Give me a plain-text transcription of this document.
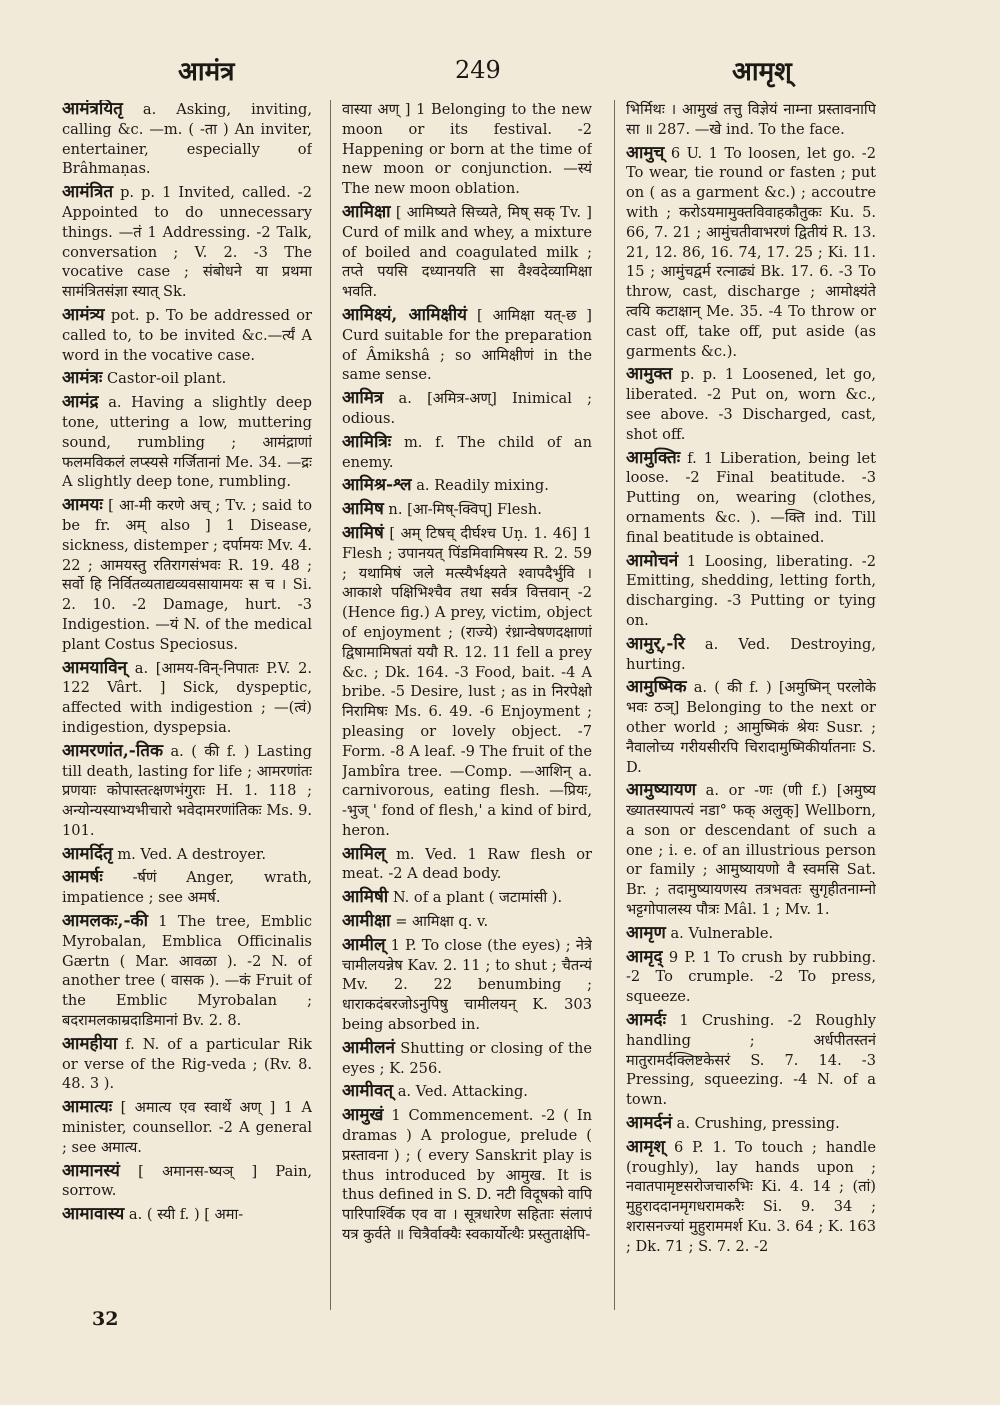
आमंत्र	249	आमृश्
आमंत्रयितृ a. Asking, inviting, calling &c. —m. ( -ता ) An inviter, entertainer, especially of Brâhmaṇas.
आमंत्रित p. p. 1 Invited, called. -2 Appointed to do unnecessary things. —तं 1 Addressing. -2 Talk, conversation ; V. 2. -3 The vocative case ; संबोधने या प्रथमा सामंत्रितसंज्ञा स्यात् Sk.
आमंत्र्य pot. p. To be addressed or called to, to be invited &c.—र्त्यं A word in the vocative case.
आमंत्रः Castor-oil plant.
आमंद्र a. Having a slightly deep tone, uttering a low, muttering sound, rumbling ; आमंद्राणां फलमविकलं लप्स्यसे गर्जितानां Me. 34. —द्रः A slightly deep tone, rumbling.
आमयः [ आ-मी करणे अच् ; Tv. ; said to be fr. अम् also ] 1 Disease, sickness, distemper ; दर्पामयः Mv. 4. 22 ; आमयस्तु रतिरागसंभवः R. 19. 48 ; सर्वो हि निर्वितव्यताद्यव्यवसायामयः स च । Si. 2. 10. -2 Damage, hurt. -3 Indigestion. —यं N. of the medical plant Costus Speciosus.
आमयाविन् a. [आमय-विन्-निपातः P.V. 2. 122 Vârt. ] Sick, dyspeptic, affected with indigestion ; —(त्वं) indigestion, dyspepsia.
आमरणांत,-तिक a. ( की f. ) Lasting till death, lasting for life ; आमरणांतः प्रणयाः कोपास्तत्क्षणभंगुराः H. 1. 118 ; अन्योन्यस्याभ्यभीचारो भवेदामरणांतिकः Ms. 9. 101.
आमर्दितृ m. Ved. A destroyer.
आमर्षः -र्षणं Anger, wrath, impatience ; see अमर्ष.
आमलकः,-की 1 The tree, Emblic Myrobalan, Emblica Officinalis Gærtn ( Mar. आवळा ). -2 N. of another tree ( वासक ). —कं Fruit of the Emblic Myrobalan ; बदरामलकाम्रदाडिमानां Bv. 2. 8.
आमहीया f. N. of a particular Rik or verse of the Rig-veda ; (Rv. 8. 48. 3 ).
आमात्यः [ अमात्य एव स्वार्थे अण् ] 1 A minister, counsellor. -2 A general ; see अमात्य.
आमानस्यं [ अमानस-ष्यञ् ] Pain, sorrow.
आमावास्य a. ( स्यी f. ) [ अमा-
वास्या अण् ] 1 Belonging to the new moon or its festival. -2 Happening or born at the time of new moon or conjunction. —स्यं The new moon oblation.
आमिक्षा [ आमिष्यते सिच्यते, मिष् सक् Tv. ] Curd of milk and whey, a mixture of boiled and coagulated milk ; तप्ते पयसि दध्यानयति सा वैश्वदेव्यामिक्षा भवति.
आमिक्ष्यं, आमिक्षीयं [ आमिक्षा यत्-छ ] Curd suitable for the preparation of Âmikshâ ; so आमिक्षीणं in the same sense.
आमित्र a. [अमित्र-अण्] Inimical ; odious.
आमित्रिः m. f. The child of an enemy.
आमिश्र-श्ल a. Readily mixing.
आमिष n. [आ-मिष्-क्विप्] Flesh.
आमिषं [ अम् टिषच् दीर्घश्च Uṇ. 1. 46] 1 Flesh ; उपानयत् पिंडमिवामिषस्य R. 2. 59 ; यथामिषं जले मत्स्यैर्भक्ष्यते श्वापदैर्भुवि । आकाशे पक्षिभिश्चैव तथा सर्वत्र वित्तवान् -2 (Hence fig.) A prey, victim, object of enjoyment ; (राज्ये) रंध्रान्वेषणदक्षाणां द्विषामामिषतां ययौ R. 12. 11 fell a prey &c. ; Dk. 164. -3 Food, bait. -4 A bribe. -5 Desire, lust ; as in निरपेक्षो निरामिषः Ms. 6. 49. -6 Enjoyment ; pleasing or lovely object. -7 Form. -8 A leaf. -9 The fruit of the Jambîra tree. —Comp. —आशिन् a. carnivorous, eating flesh. —प्रियः, -भुज् ' fond of flesh,' a kind of bird, heron.
आमिल् m. Ved. 1 Raw flesh or meat. -2 A dead body.
आमिषी N. of a plant ( जटामांसी ).
आमीक्षा = आमिक्षा q. v.
आमील् 1 P. To close (the eyes) ; नेत्रे चामीलयन्नेष Kav. 2. 11 ; to shut ; चैतन्यं Mv. 2. 22 benumbing ; धाराकदंबरजोऽनुपिषु चामीलयन् K. 303 being absorbed in.
आमीलनं Shutting or closing of the eyes ; K. 256.
आमीवत् a. Ved. Attacking.
आमुखं 1 Commencement. -2 ( In dramas ) A prologue, prelude ( प्रस्तावना ) ; ( every Sanskrit play is thus introduced by आमुख. It is thus defined in S. D. नटी विदूषको वापि पारिपार्श्विक एव वा । सूत्रधारेण सहिताः संलापं यत्र कुर्वते ॥ चित्रैर्वाक्यैः स्वकार्योत्थैः प्रस्तुताक्षेपि-
भिर्मिथः । आमुखं तत्तु विज्ञेयं नाम्ना प्रस्तावनापि सा ॥ 287. —खे ind. To the face.
आमुच् 6 U. 1 To loosen, let go. -2 To wear, tie round or fasten ; put on ( as a garment &c.) ; accoutre with ; करोऽयमामुक्तविवाहकौतुकः Ku. 5. 66, 7. 21 ; आमुंचतीवाभरणं द्वितीयं R. 13. 21, 12. 86, 16. 74, 17. 25 ; Ki. 11. 15 ; आमुंचद्वर्म रत्नाढ्यं Bk. 17. 6. -3 To throw, cast, discharge ; आमोक्ष्यंते त्वयि कटाक्षान् Me. 35. -4 To throw or cast off, take off, put aside (as garments &c.).
आमुक्त p. p. 1 Loosened, let go, liberated. -2 Put on, worn &c., see above. -3 Discharged, cast, shot off.
आमुक्तिः f. 1 Liberation, being let loose. -2 Final beatitude. -3 Putting on, wearing (clothes, ornaments &c. ). —क्ति ind. Till final beatitude is obtained.
आमोचनं 1 Loosing, liberating. -2 Emitting, shedding, letting forth, discharging. -3 Putting or tying on.
आमुर्,-रि a. Ved. Destroying, hurting.
आमुष्मिक a. ( की f. ) [अमुष्मिन् परलोके भवः ठञ्] Belonging to the next or other world ; आमुष्मिकं श्रेयः Susr. ; नैवालोच्य गरीयसीरपि चिरादामुष्मिकीर्यातनाः S. D.
आमुष्यायण a. or -णः (णी f.) [अमुष्य ख्यातस्यापत्यं नडा° फक् अलुक्] Wellborn, a son or descendant of such a one ; i. e. of an illustrious person or family ; आमुष्यायणो वै स्वमसि Sat. Br. ; तदामुष्यायणस्य तत्रभवतः सुगृहीतनाम्नो भट्टगोपालस्य पौत्रः Mâl. 1 ; Mv. 1.
आमृण a. Vulnerable.
आमृद् 9 P. 1 To crush by rubbing. -2 To crumple. -2 To press, squeeze.
आमर्दः 1 Crushing. -2 Roughly handling ; अर्धपीतस्तनं मातुरामर्दक्लिष्टकेसरं S. 7. 14. -3 Pressing, squeezing. -4 N. of a town.
आमर्दनं a. Crushing, pressing.
आमृश् 6 P. 1. To touch ; handle (roughly), lay hands upon ; नवातपामृष्टसरोजचारुभिः Ki. 4. 14 ; (तां) मुहुराददानमृगधरामकरैः Si. 9. 34 ; शरासनज्यां मुहुराममर्श Ku. 3. 64 ; K. 163 ; Dk. 71 ; S. 7. 2. -2
32
